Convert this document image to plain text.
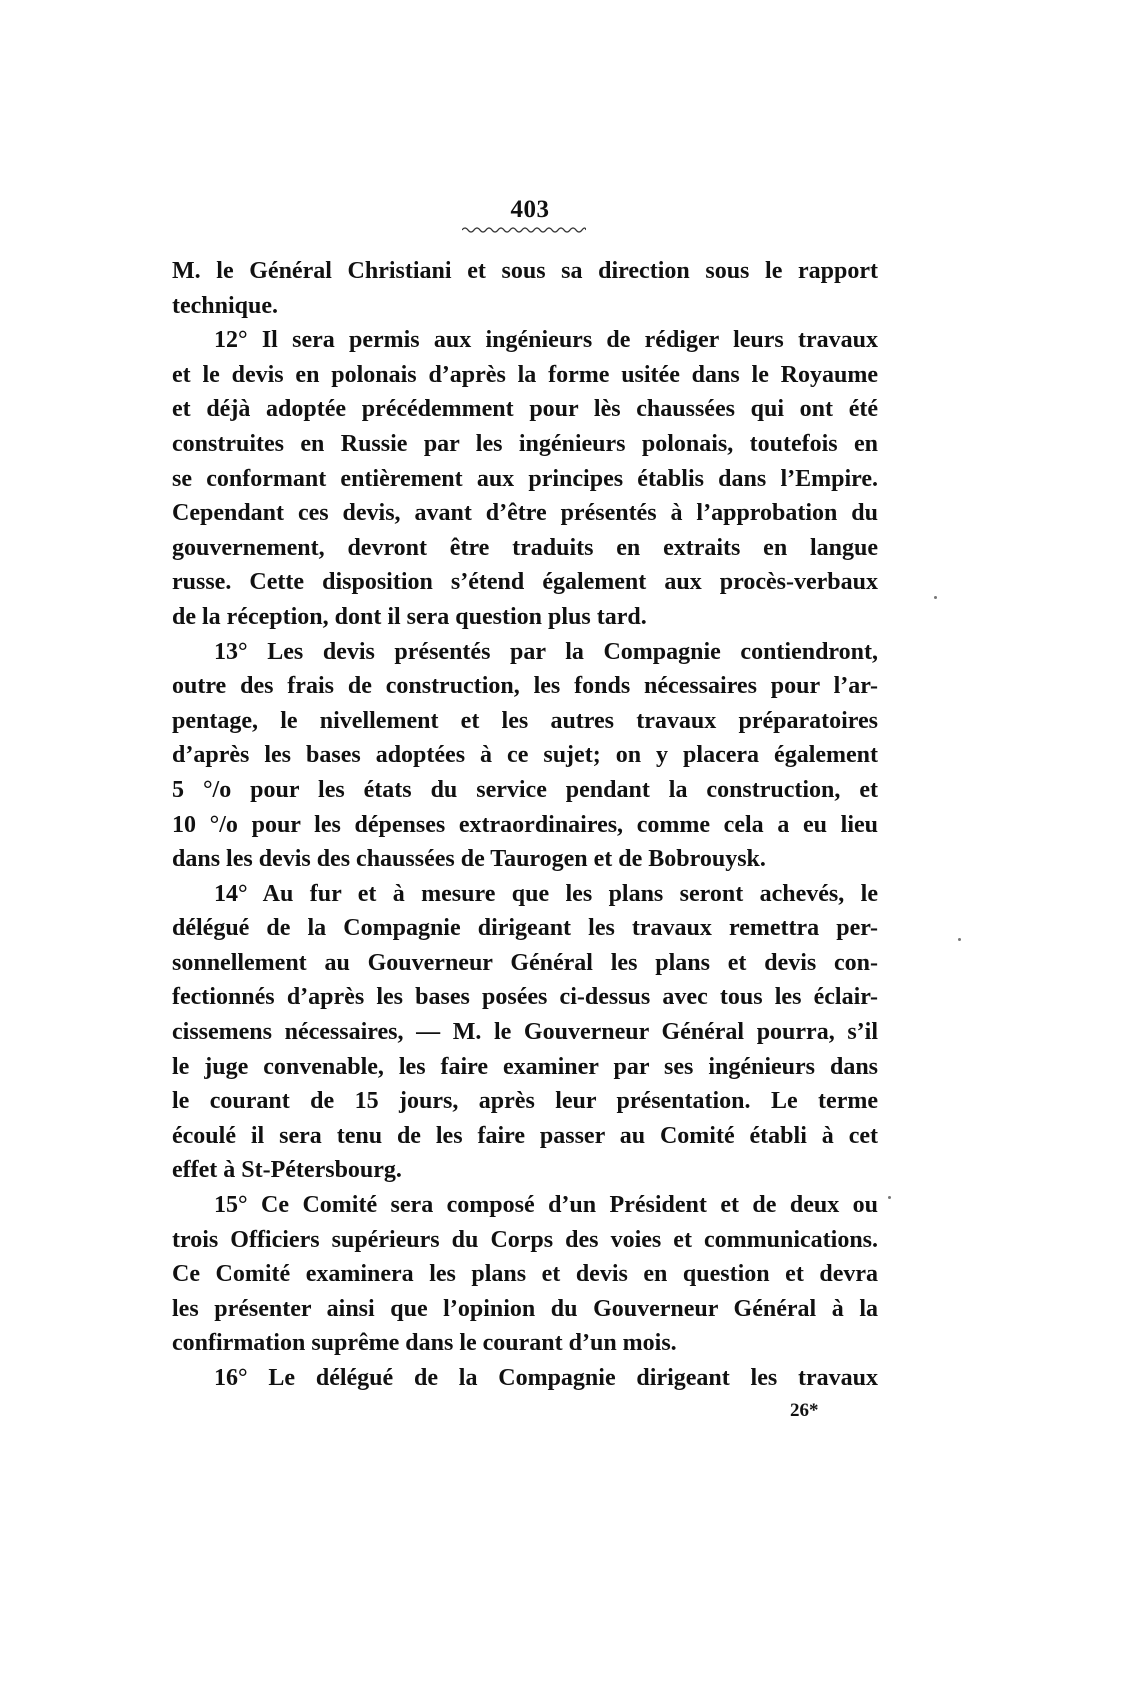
403
M. le Général Christiani et sous sa direction sous le rapport
technique.
12° Il sera permis aux ingénieurs de rédiger leurs travaux
et le devis en polonais d’après la forme usitée dans le Royaume
et déjà adoptée précédemment pour lès chaussées qui ont été
construites en Russie par les ingénieurs polonais, toutefois en
se conformant entièrement aux principes établis dans l’Empire.
Cependant ces devis, avant d’être présentés à l’approbation du
gouvernement, devront être traduits en extraits en langue
russe. Cette disposition s’étend également aux procès-verbaux
de la réception, dont il sera question plus tard.
13° Les devis présentés par la Compagnie contiendront,
outre des frais de construction, les fonds nécessaires pour l’ar-
pentage, le nivellement et les autres travaux préparatoires
d’après les bases adoptées à ce sujet; on y placera également
5 °/o pour les états du service pendant la construction, et
10 °/o pour les dépenses extraordinaires, comme cela a eu lieu
dans les devis des chaussées de Taurogen et de Bobrouysk.
14° Au fur et à mesure que les plans seront achevés, le
délégué de la Compagnie dirigeant les travaux remettra per-
sonnellement au Gouverneur Général les plans et devis con-
fectionnés d’après les bases posées ci-dessus avec tous les éclair-
cissemens nécessaires, — M. le Gouverneur Général pourra, s’il
le juge convenable, les faire examiner par ses ingénieurs dans
le courant de 15 jours, après leur présentation. Le terme
écoulé il sera tenu de les faire passer au Comité établi à cet
effet à St-Pétersbourg.
15° Ce Comité sera composé d’un Président et de deux ou
trois Officiers supérieurs du Corps des voies et communications.
Ce Comité examinera les plans et devis en question et devra
les présenter ainsi que l’opinion du Gouverneur Général à la
confirmation suprême dans le courant d’un mois.
16° Le délégué de la Compagnie dirigeant les travaux
26*
